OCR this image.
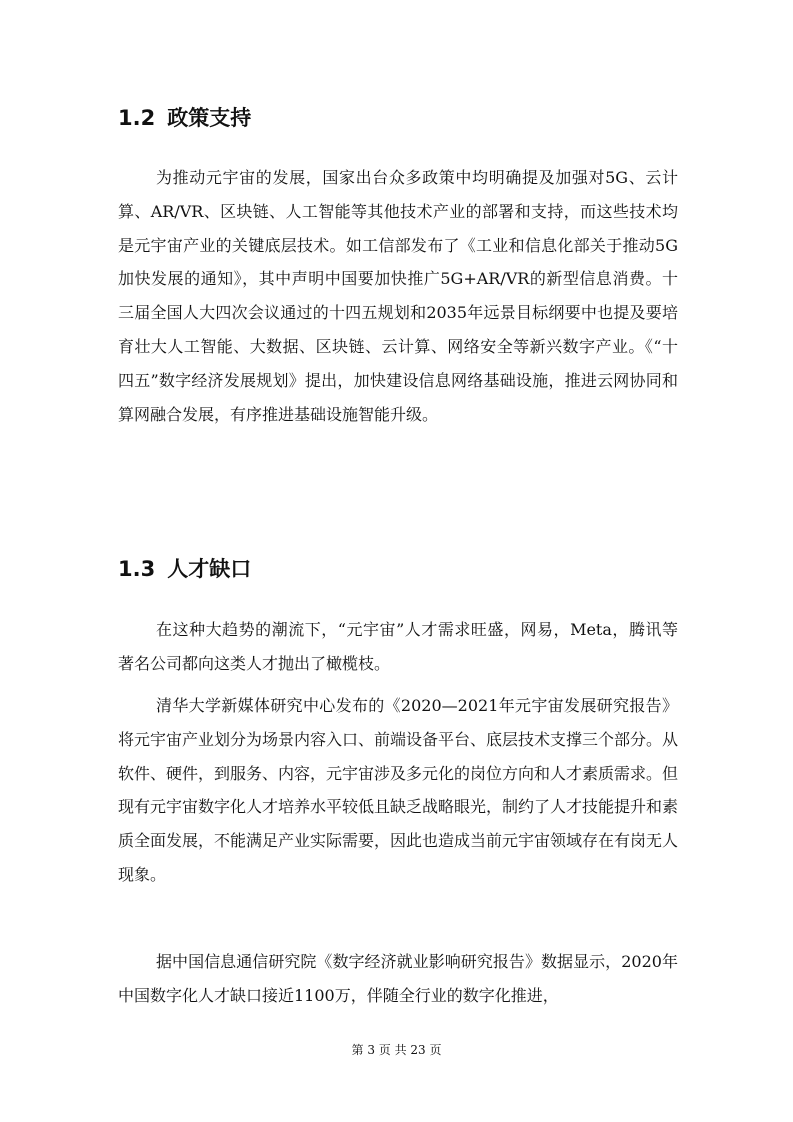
1.2 政策支持

为推动元宇宙的发展，国家出台众多政策中均明确提及加强对5G、云计算、AR/VR、区块链、人工智能等其他技术产业的部署和支持，而这些技术均是元宇宙产业的关键底层技术。如工信部发布了《工业和信息化部关于推动5G加快发展的通知》，其中声明中国要加快推广5G+AR/VR的新型信息消费。十三届全国人大四次会议通过的十四五规划和2035年远景目标纲要中也提及要培育壮大人工智能、大数据、区块链、云计算、网络安全等新兴数字产业。《“十四五”数字经济发展规划》提出，加快建设信息网络基础设施，推进云网协同和算网融合发展，有序推进基础设施智能升级。

1.3 人才缺口

在这种大趋势的潮流下，“元宇宙”人才需求旺盛，网易，Meta，腾讯等著名公司都向这类人才抛出了橄榄枝。

清华大学新媒体研究中心发布的《2020—2021年元宇宙发展研究报告》将元宇宙产业划分为场景内容入口、前端设备平台、底层技术支撑三个部分。从软件、硬件，到服务、内容，元宇宙涉及多元化的岗位方向和人才素质需求。但现有元宇宙数字化人才培养水平较低且缺乏战略眼光，制约了人才技能提升和素质全面发展，不能满足产业实际需要，因此也造成当前元宇宙领域存在有岗无人现象。

据中国信息通信研究院《数字经济就业影响研究报告》数据显示，2020年中国数字化人才缺口接近1100万，伴随全行业的数字化推进，

第 3 页 共 23 页
